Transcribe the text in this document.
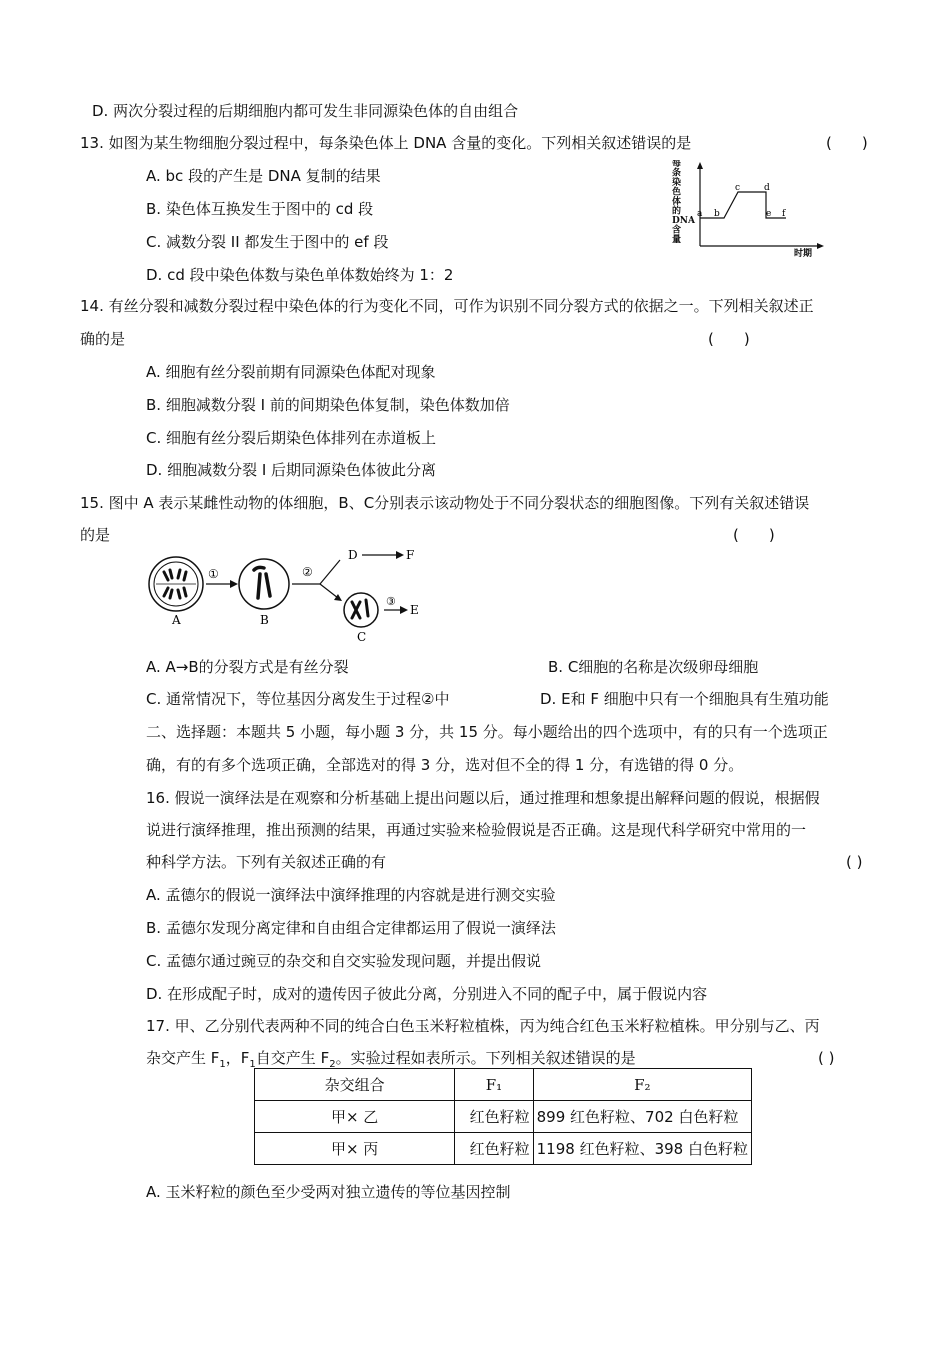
D. 两次分裂过程的后期细胞内都可发生非同源染色体的自由组合
13. 如图为某生物细胞分裂过程中，每条染色体上 DNA 含量的变化。下列相关叙述错误的是	(　　)
A. bc 段的产生是 DNA 复制的结果
B. 染色体互换发生于图中的 cd 段
C. 减数分裂 II 都发生于图中的 ef 段
D. cd 段中染色体数与染色单体数始终为 1：2
每条染色体的 DNA 含量
a b
c	d
e f
时期
14. 有丝分裂和减数分裂过程中染色体的行为变化不同，可作为识别不同分裂方式的依据之一。下列相关叙述正
确的是	(　　)
A. 细胞有丝分裂前期有同源染色体配对现象
B. 细胞减数分裂 I 前的间期染色体复制，染色体数加倍
C. 细胞有丝分裂后期染色体排列在赤道板上
D. 细胞减数分裂 I 后期同源染色体彼此分离
15. 图中 A 表示某雌性动物的体细胞，B、C分别表示该动物处于不同分裂状态的细胞图像。下列有关叙述错误
的是	(　　)
A
①
B
②
D	F
C
③
E
A. A→B的分裂方式是有丝分裂	B. C细胞的名称是次级卵母细胞
C. 通常情况下，等位基因分离发生于过程②中	D. E和 F 细胞中只有一个细胞具有生殖功能
二、选择题：本题共 5 小题，每小题 3 分，共 15 分。每小题给出的四个选项中，有的只有一个选项正
确，有的有多个选项正确，全部选对的得 3 分，选对但不全的得 1 分，有选错的得 0 分。
16. 假说一演绎法是在观察和分析基础上提出问题以后，通过推理和想象提出解释问题的假说，根据假
说进行演绎推理，推出预测的结果，再通过实验来检验假说是否正确。这是现代科学研究中常用的一
种科学方法。下列有关叙述正确的有	( )
A. 孟德尔的假说一演绎法中演绎推理的内容就是进行测交实验
B. 孟德尔发现分离定律和自由组合定律都运用了假说一演绎法
C. 孟德尔通过豌豆的杂交和自交实验发现问题，并提出假说
D. 在形成配子时，成对的遗传因子彼此分离，分别进入不同的配子中，属于假说内容
17. 甲、乙分别代表两种不同的纯合白色玉米籽粒植株，丙为纯合红色玉米籽粒植株。甲分别与乙、丙
杂交产生 $F_1$，$F_1$自交产生 $F_2$。实验过程如表所示。下列相关叙述错误的是	( )
杂交组合	F₁	F₂
甲× 乙	红色籽粒	899 红色籽粒、702 白色籽粒
甲× 丙	红色籽粒	1198 红色籽粒、398 白色籽粒
A. 玉米籽粒的颜色至少受两对独立遗传的等位基因控制
